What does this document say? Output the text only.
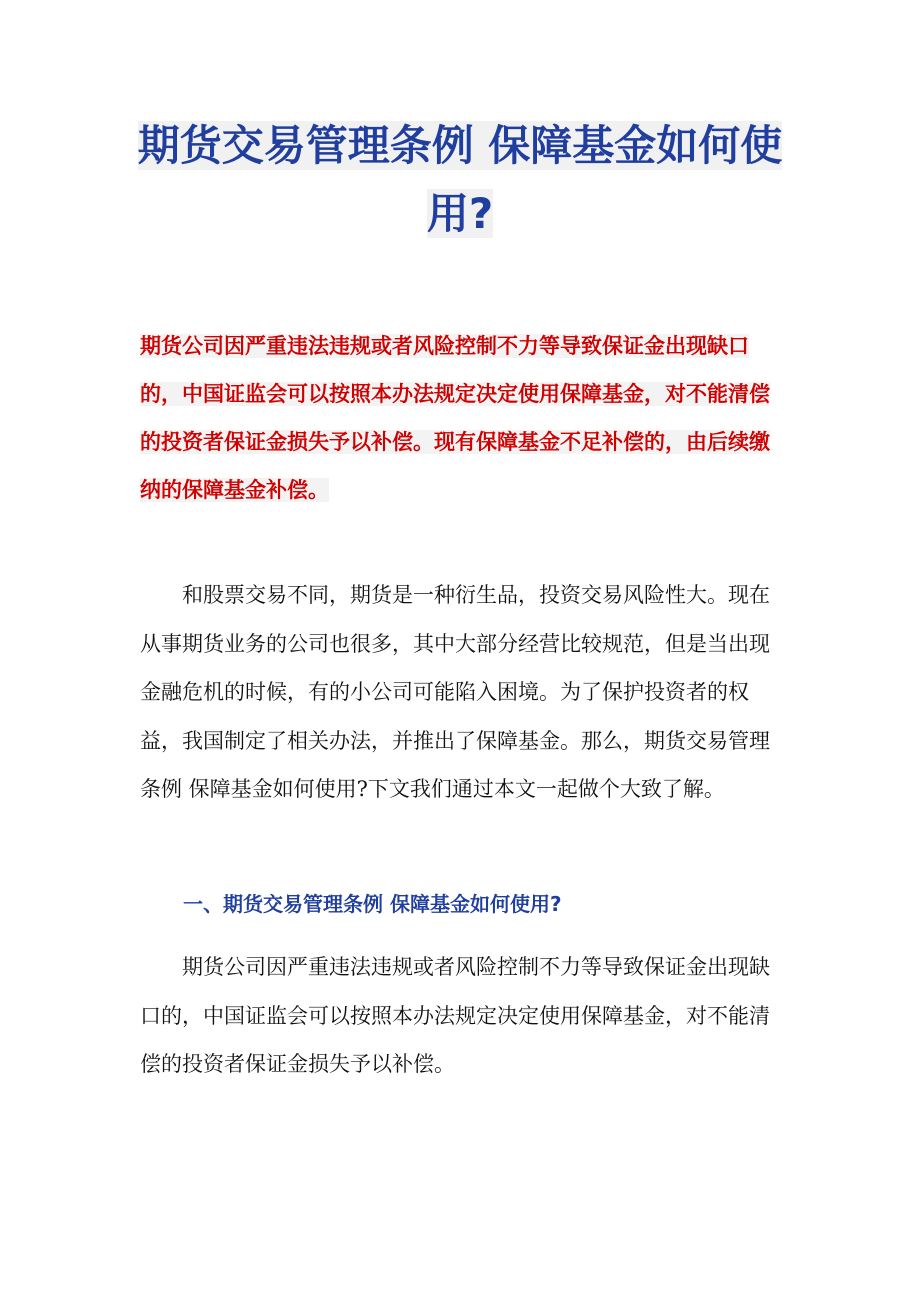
期货交易管理条例 保障基金如何使用?

期货公司因严重违法违规或者风险控制不力等导致保证金出现缺口的，中国证监会可以按照本办法规定决定使用保障基金，对不能清偿的投资者保证金损失予以补偿。现有保障基金不足补偿的，由后续缴纳的保障基金补偿。

和股票交易不同，期货是一种衍生品，投资交易风险性大。现在从事期货业务的公司也很多，其中大部分经营比较规范，但是当出现金融危机的时候，有的小公司可能陷入困境。为了保护投资者的权益，我国制定了相关办法，并推出了保障基金。那么，期货交易管理条例 保障基金如何使用?下文我们通过本文一起做个大致了解。

一、期货交易管理条例 保障基金如何使用?

期货公司因严重违法违规或者风险控制不力等导致保证金出现缺口的，中国证监会可以按照本办法规定决定使用保障基金，对不能清偿的投资者保证金损失予以补偿。
